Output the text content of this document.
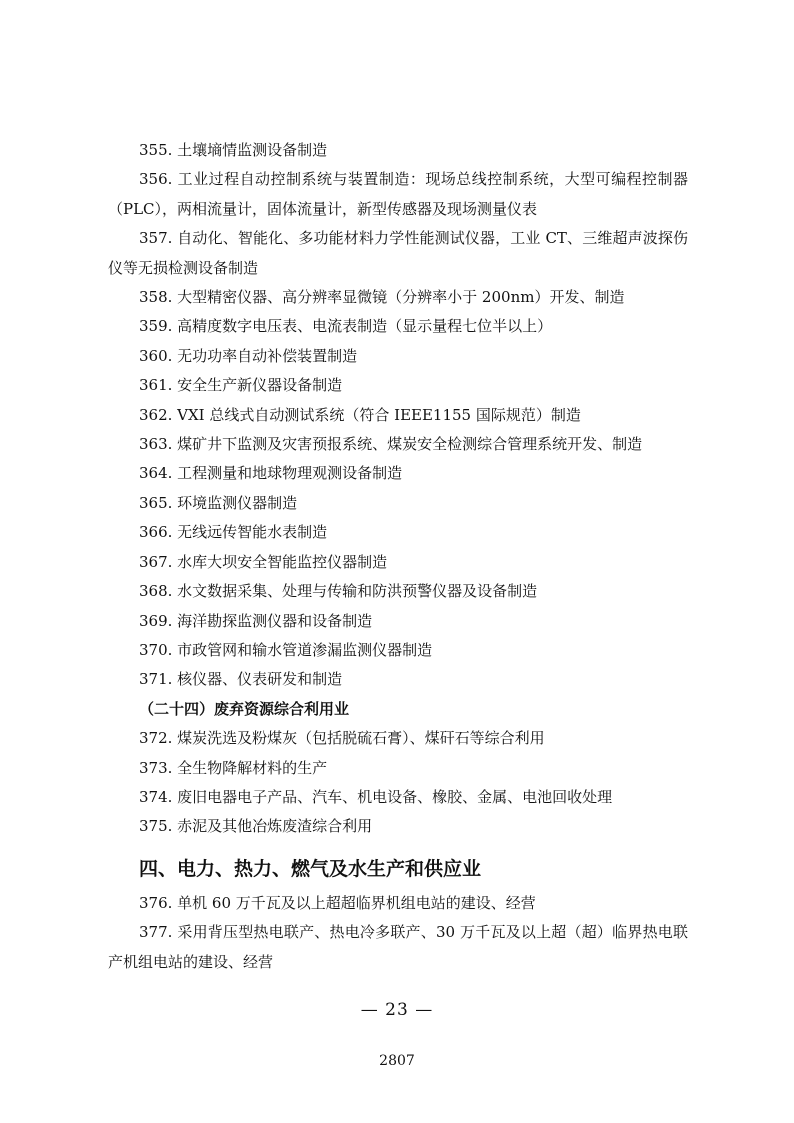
355. 土壤墒情监测设备制造

356. 工业过程自动控制系统与装置制造：现场总线控制系统，大型可编程控制器（PLC），两相流量计，固体流量计，新型传感器及现场测量仪表

357. 自动化、智能化、多功能材料力学性能测试仪器，工业 CT、三维超声波探伤仪等无损检测设备制造

358. 大型精密仪器、高分辨率显微镜（分辨率小于 200nm）开发、制造

359. 高精度数字电压表、电流表制造（显示量程七位半以上）

360. 无功功率自动补偿装置制造

361. 安全生产新仪器设备制造

362. VXI 总线式自动测试系统（符合 IEEE1155 国际规范）制造

363. 煤矿井下监测及灾害预报系统、煤炭安全检测综合管理系统开发、制造

364. 工程测量和地球物理观测设备制造

365. 环境监测仪器制造

366. 无线远传智能水表制造

367. 水库大坝安全智能监控仪器制造

368. 水文数据采集、处理与传输和防洪预警仪器及设备制造

369. 海洋勘探监测仪器和设备制造

370. 市政管网和输水管道渗漏监测仪器制造

371. 核仪器、仪表研发和制造

（二十四）废弃资源综合利用业

372. 煤炭洗选及粉煤灰（包括脱硫石膏）、煤矸石等综合利用

373. 全生物降解材料的生产

374. 废旧电器电子产品、汽车、机电设备、橡胶、金属、电池回收处理

375. 赤泥及其他冶炼废渣综合利用

四、电力、热力、燃气及水生产和供应业

376. 单机 60 万千瓦及以上超超临界机组电站的建设、经营

377. 采用背压型热电联产、热电冷多联产、30 万千瓦及以上超（超）临界热电联产机组电站的建设、经营

— 23 —
2807
